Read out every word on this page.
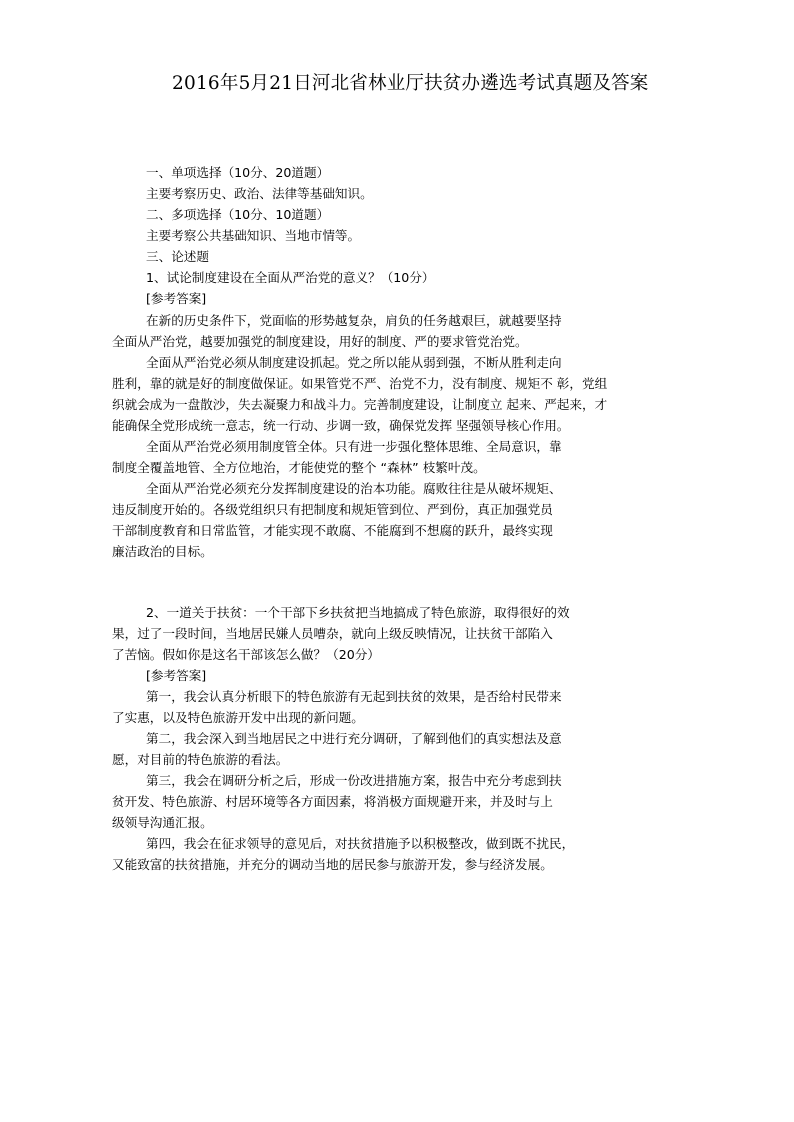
2016年5月21日河北省林业厅扶贫办遴选考试真题及答案
一、单项选择（10分、20道题）
主要考察历史、政治、法律等基础知识。
二、多项选择（10分、10道题）
主要考察公共基础知识、当地市情等。
三、论述题
1、试论制度建设在全面从严治党的意义？（10分）
[参考答案]
在新的历史条件下，党面临的形势越复杂，肩负的任务越艰巨，就越要坚持
全面从严治党，越要加强党的制度建设，用好的制度、严的要求管党治党。
全面从严治党必须从制度建设抓起。党之所以能从弱到强，不断从胜利走向
胜利，靠的就是好的制度做保证。如果管党不严、治党不力，没有制度、规矩不 彰，党组
织就会成为一盘散沙，失去凝聚力和战斗力。完善制度建设，让制度立 起来、严起来，才
能确保全党形成统一意志，统一行动、步调一致，确保党发挥 坚强领导核心作用。
全面从严治党必须用制度管全体。只有进一步强化整体思维、全局意识，靠
制度全覆盖地管、全方位地治，才能使党的整个 “森林” 枝繁叶茂。
全面从严治党必须充分发挥制度建设的治本功能。腐败往往是从破坏规矩、
违反制度开始的。各级党组织只有把制度和规矩管到位、严到份，真正加强党员
干部制度教育和日常监管，才能实现不敢腐、不能腐到不想腐的跃升，最终实现
廉洁政治的目标。
2、一道关于扶贫：一个干部下乡扶贫把当地搞成了特色旅游，取得很好的效
果，过了一段时间，当地居民嫌人员嘈杂，就向上级反映情况，让扶贫干部陷入
了苦恼。假如你是这名干部该怎么做？（20分）
[参考答案]
第一，我会认真分析眼下的特色旅游有无起到扶贫的效果，是否给村民带来
了实惠，以及特色旅游开发中出现的新问题。
第二，我会深入到当地居民之中进行充分调研，了解到他们的真实想法及意
愿，对目前的特色旅游的看法。
第三，我会在调研分析之后，形成一份改进措施方案，报告中充分考虑到扶
贫开发、特色旅游、村居环境等各方面因素，将消极方面规避开来，并及时与上
级领导沟通汇报。
第四，我会在征求领导的意见后，对扶贫措施予以积极整改，做到既不扰民，
又能致富的扶贫措施，并充分的调动当地的居民参与旅游开发，参与经济发展。
